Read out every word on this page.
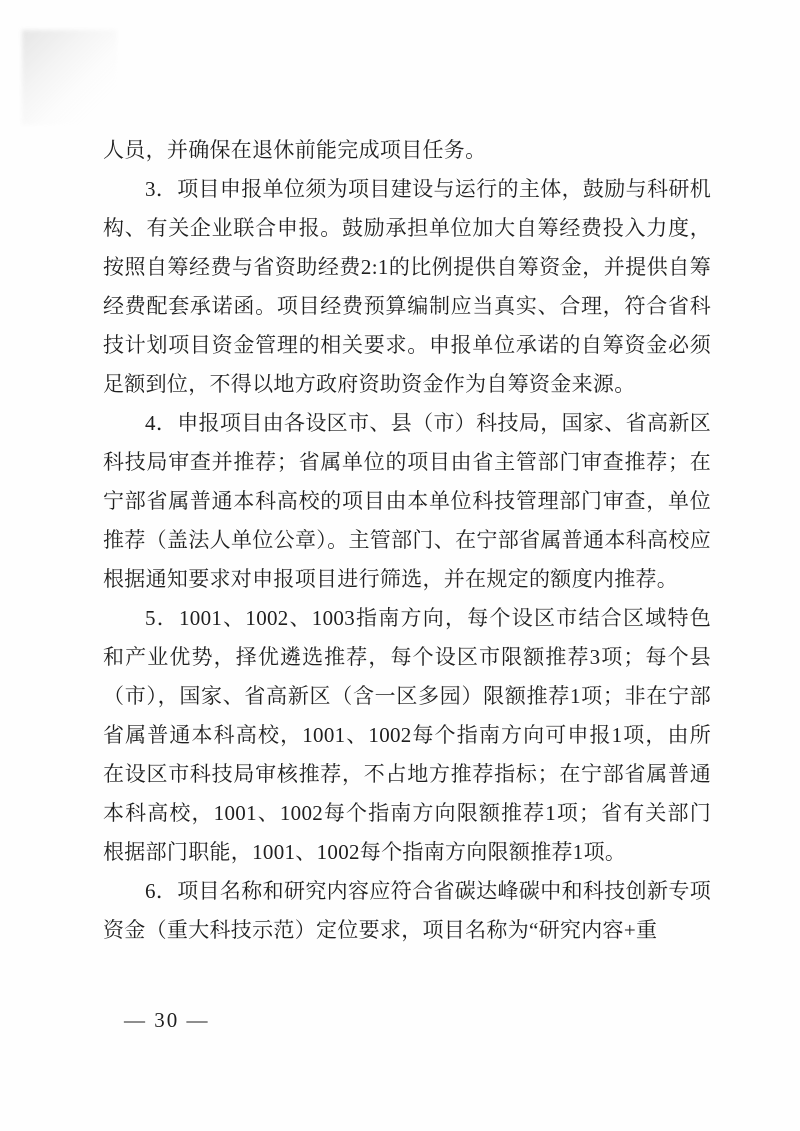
人员，并确保在退休前能完成项目任务。

3．项目申报单位须为项目建设与运行的主体，鼓励与科研机构、有关企业联合申报。鼓励承担单位加大自筹经费投入力度，按照自筹经费与省资助经费2:1的比例提供自筹资金，并提供自筹经费配套承诺函。项目经费预算编制应当真实、合理，符合省科技计划项目资金管理的相关要求。申报单位承诺的自筹资金必须足额到位，不得以地方政府资助资金作为自筹资金来源。

4．申报项目由各设区市、县（市）科技局，国家、省高新区科技局审查并推荐；省属单位的项目由省主管部门审查推荐；在宁部省属普通本科高校的项目由本单位科技管理部门审查，单位推荐（盖法人单位公章）。主管部门、在宁部省属普通本科高校应根据通知要求对申报项目进行筛选，并在规定的额度内推荐。

5．1001、1002、1003指南方向，每个设区市结合区域特色和产业优势，择优遴选推荐，每个设区市限额推荐3项；每个县（市），国家、省高新区（含一区多园）限额推荐1项；非在宁部省属普通本科高校，1001、1002每个指南方向可申报1项，由所在设区市科技局审核推荐，不占地方推荐指标；在宁部省属普通本科高校，1001、1002每个指南方向限额推荐1项；省有关部门根据部门职能，1001、1002每个指南方向限额推荐1项。

6．项目名称和研究内容应符合省碳达峰碳中和科技创新专项资金（重大科技示范）定位要求，项目名称为“研究内容+重

— 30 —
